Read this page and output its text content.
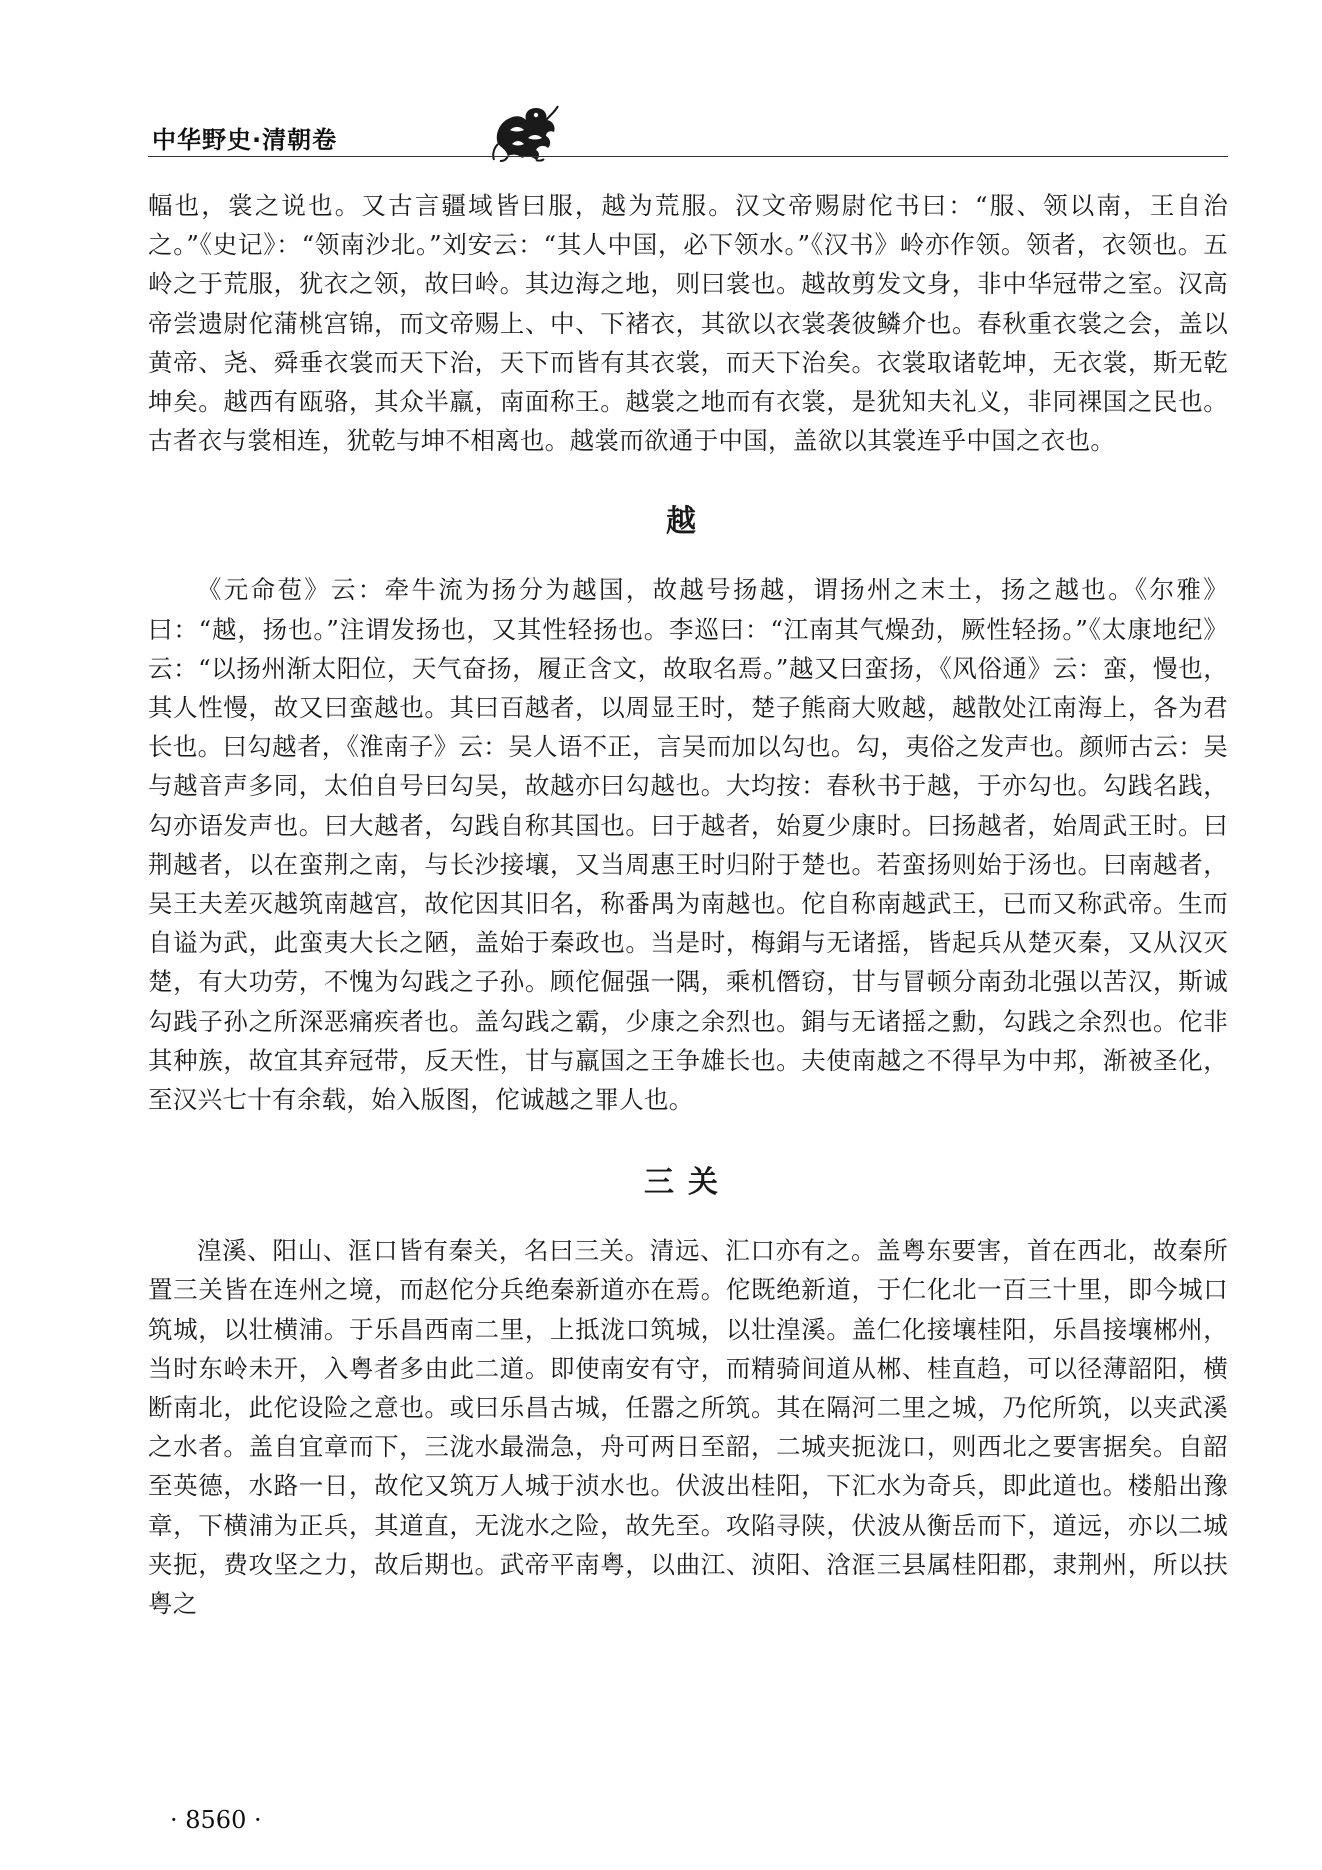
中华野史·清朝卷

幅也，裳之说也。又古言疆域皆曰服，越为荒服。汉文帝赐尉佗书曰：“服、领以南，王自治之。”《史记》：“领南沙北。”刘安云：“其人中国，必下领水。”《汉书》岭亦作领。领者，衣领也。五岭之于荒服，犹衣之领，故曰岭。其边海之地，则曰裳也。越故剪发文身，非中华冠带之室。汉高帝尝遗尉佗蒲桃宫锦，而文帝赐上、中、下褚衣，其欲以衣裳袭彼鳞介也。春秋重衣裳之会，盖以黄帝、尧、舜垂衣裳而天下治，天下而皆有其衣裳，而天下治矣。衣裳取诸乾坤，无衣裳，斯无乾坤矣。越西有瓯骆，其众半羸，南面称王。越裳之地而有衣裳，是犹知夫礼义，非同裸国之民也。古者衣与裳相连，犹乾与坤不相离也。越裳而欲通于中国，盖欲以其裳连乎中国之衣也。

越

《元命苞》云：牵牛流为扬分为越国，故越号扬越，谓扬州之末土，扬之越也。《尔雅》曰：“越，扬也。”注谓发扬也，又其性轻扬也。李巡曰：“江南其气燥劲，厥性轻扬。”《太康地纪》云：“以扬州渐太阳位，天气奋扬，履正含文，故取名焉。”越又曰蛮扬，《风俗通》云：蛮，慢也，其人性慢，故又曰蛮越也。其曰百越者，以周显王时，楚子熊商大败越，越散处江南海上，各为君长也。曰勾越者，《淮南子》云：吴人语不正，言吴而加以勾也。勾，夷俗之发声也。颜师古云：吴与越音声多同，太伯自号曰勾吴，故越亦曰勾越也。大均按：春秋书于越，于亦勾也。勾践名践，勾亦语发声也。曰大越者，勾践自称其国也。曰于越者，始夏少康时。曰扬越者，始周武王时。曰荆越者，以在蛮荆之南，与长沙接壤，又当周惠王时归附于楚也。若蛮扬则始于汤也。曰南越者，吴王夫差灭越筑南越宫，故佗因其旧名，称番禺为南越也。佗自称南越武王，已而又称武帝。生而自谥为武，此蛮夷大长之陋，盖始于秦政也。当是时，梅鋗与无诸摇，皆起兵从楚灭秦，又从汉灭楚，有大功劳，不愧为勾践之子孙。顾佗倔强一隅，乘机僭窃，甘与冒顿分南劲北强以苦汉，斯诚勾践子孙之所深恶痛疾者也。盖勾践之霸，少康之余烈也。鋗与无诸摇之勳，勾践之余烈也。佗非其种族，故宜其弃冠带，反天性，甘与羸国之王争雄长也。夫使南越之不得早为中邦，渐被圣化，至汉兴七十有余载，始入版图，佗诚越之罪人也。

三关

湟溪、阳山、洭口皆有秦关，名曰三关。清远、汇口亦有之。盖粤东要害，首在西北，故秦所置三关皆在连州之境，而赵佗分兵绝秦新道亦在焉。佗既绝新道，于仁化北一百三十里，即今城口筑城，以壮横浦。于乐昌西南二里，上抵泷口筑城，以壮湟溪。盖仁化接壤桂阳，乐昌接壤郴州，当时东岭未开，入粤者多由此二道。即使南安有守，而精骑间道从郴、桂直趋，可以径薄韶阳，横断南北，此佗设险之意也。或曰乐昌古城，任嚣之所筑。其在隔河二里之城，乃佗所筑，以夹武溪之水者。盖自宜章而下，三泷水最湍急，舟可两日至韶，二城夹扼泷口，则西北之要害据矣。自韶至英德，水路一日，故佗又筑万人城于浈水也。伏波出桂阳，下汇水为奇兵，即此道也。楼船出豫章，下横浦为正兵，其道直，无泷水之险，故先至。攻陷寻陕，伏波从衡岳而下，道远，亦以二城夹扼，费攻坚之力，故后期也。武帝平南粤，以曲江、浈阳、浛洭三县属桂阳郡，隶荆州，所以扶粤之

· 8560 ·
